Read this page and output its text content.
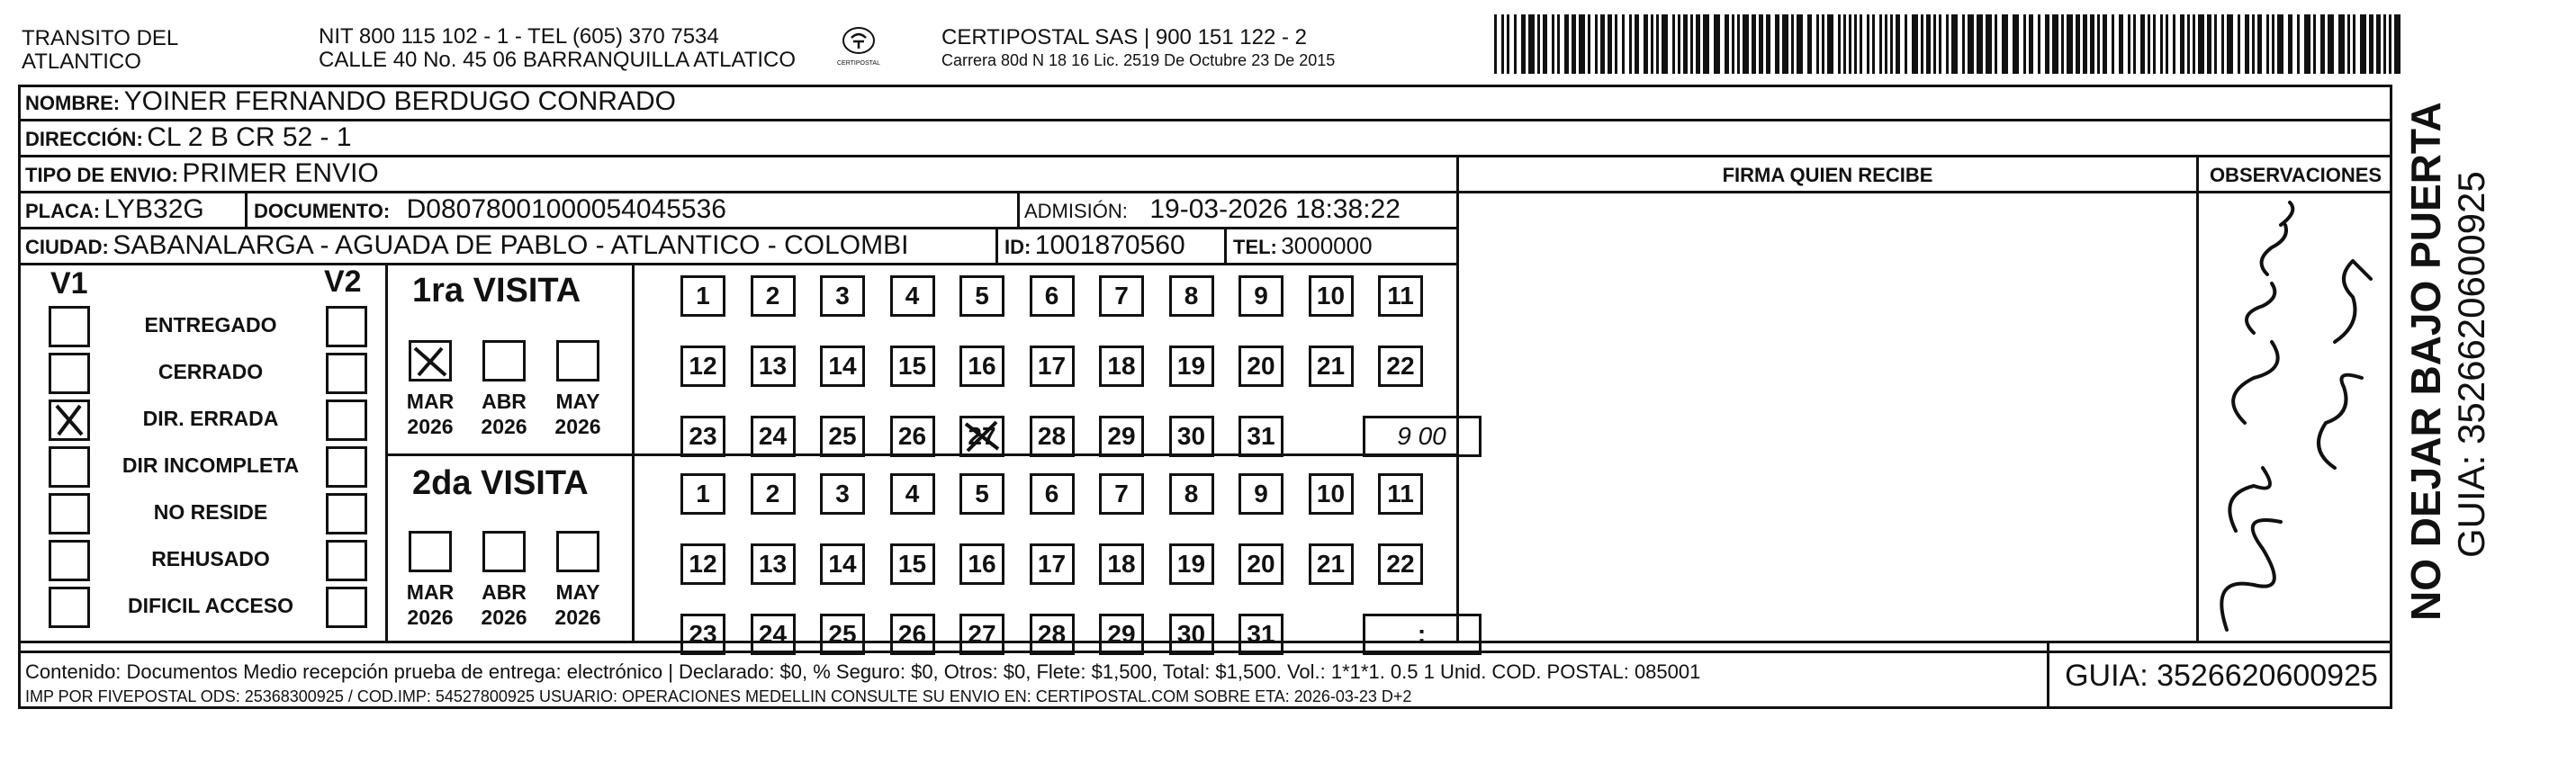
TRANSITO DEL
ATLANTICO
NIT 800 115 102 - 1 - TEL (605) 370 7534
CALLE 40 No. 45 06 BARRANQUILLA ATLATICO	CERTIPOSTAL
CERTIPOSTAL SAS | 900 151 122 - 2
Carrera 80d N 18 16 Lic. 2519 De Octubre 23 De 2015
NOMBRE: YOINER FERNANDO BERDUGO CONRADO
DIRECCIÓN: CL 2 B CR 52 - 1
TIPO DE ENVIO: PRIMER ENVIO	FIRMA QUIEN RECIBE	OBSERVACIONES
PLACA: LYB32G	DOCUMENTO: D08078001000054045536	ADMISIÓN: 19-03-2026 18:38:22
CIUDAD: SABANALARGA - AGUADA DE PABLO - ATLANTICO - COLOMBI	ID: 1001870560 TEL: 3000000
V1	V2
ENTREGADO
CERRADO
DIR. ERRADA
DIR INCOMPLETA
NO RESIDE
REHUSADO
DIFICIL ACCESO
1ra VISITA
2da VISITA
MAR
2026
ABR
2026
MAY
2026
1	2	3	4	5	6	7	8	9	10	11
12	13	14	15	16	17	18	19	20	21	22
23	24	25	26	27	28	29	30	31	9 00
MAR
2026
ABR
2026
MAY
2026
1	2	3	4	5	6	7	8	9	10	11
12	13	14	15	16	17	18	19	20	21	22
23	24	25	26	27	28	29	30	31	:
Contenido: Documentos Medio recepción prueba de entrega: electrónico | Declarado: $0, % Seguro: $0, Otros: $0, Flete: $1,500, Total: $1,500. Vol.: 1*1*1. 0.5 1 Unid. COD. POSTAL: 085001
IMP POR FIVEPOSTAL ODS: 25368300925 / COD.IMP: 54527800925 USUARIO: OPERACIONES MEDELLIN CONSULTE SU ENVIO EN: CERTIPOSTAL.COM SOBRE ETA: 2026-03-23 D+2
GUIA: 3526620600925
NO DEJAR BAJO PUERTA GUIA: 3526620600925
